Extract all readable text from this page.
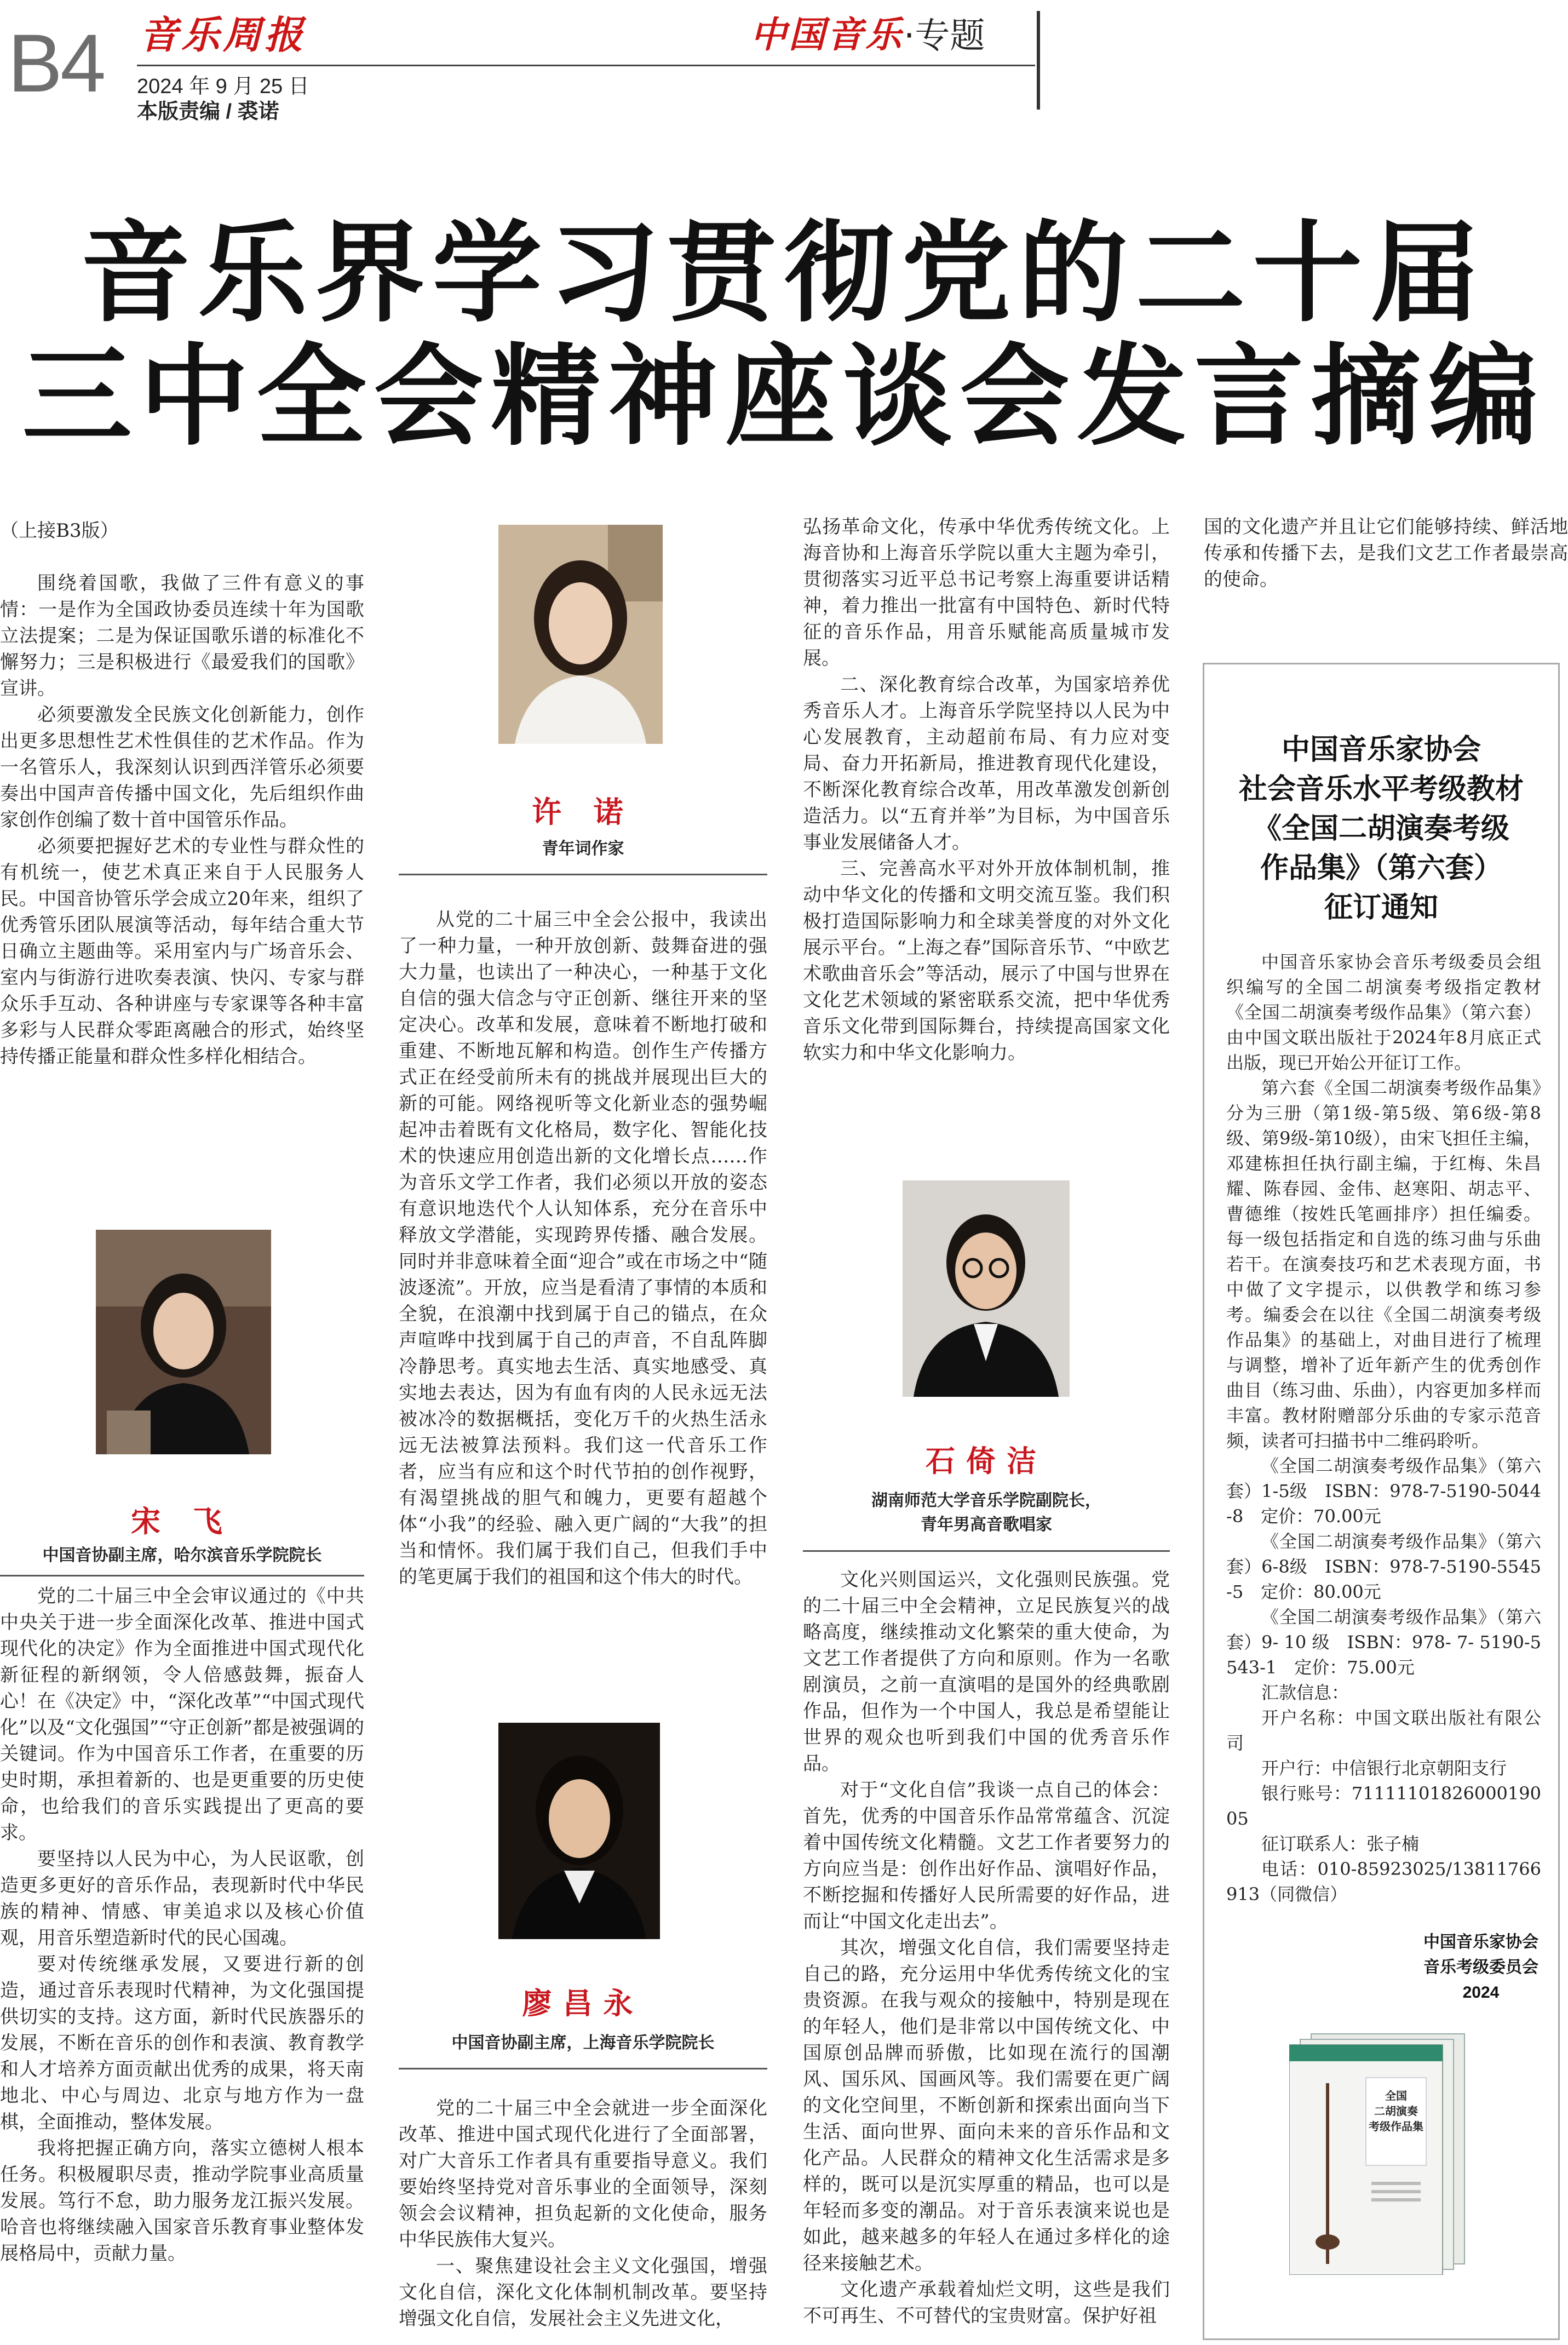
B4 音乐周报
2024 年 9 月 25 日
本版责编 / 裘诺
中国音乐 ·专题
音乐界学习贯彻党的二十届
三中全会精神座谈会发言摘编

（上接B3版）

围绕着国歌，我做了三件有意义的事情：一是作为全国政协委员连续十年为国歌立法提案；二是为保证国歌乐谱的标准化不懈努力；三是积极进行《最爱我们的国歌》宣讲。

必须要激发全民族文化创新能力，创作出更多思想性艺术性俱佳的艺术作品。作为一名管乐人，我深刻认识到西洋管乐必须要奏出中国声音传播中国文化，先后组织作曲家创作创编了数十首中国管乐作品。

必须要把握好艺术的专业性与群众性的有机统一，使艺术真正来自于人民服务人民。中国音协管乐学会成立20年来，组织了优秀管乐团队展演等活动，每年结合重大节日确立主题曲等。采用室内与广场音乐会、室内与街游行进吹奏表演、快闪、专家与群众乐手互动、各种讲座与专家课等各种丰富多彩与人民群众零距离融合的形式，始终坚持传播正能量和群众性多样化相结合。

宋 飞
中国音协副主席，哈尔滨音乐学院院长

党的二十届三中全会审议通过的《中共中央关于进一步全面深化改革、推进中国式现代化的决定》作为全面推进中国式现代化新征程的新纲领，令人倍感鼓舞，振奋人心！在《决定》中，“深化改革”“中国式现代化”以及“文化强国”“守正创新”都是被强调的关键词。作为中国音乐工作者，在重要的历史时期，承担着新的、也是更重要的历史使命，也给我们的音乐实践提出了更高的要求。

要坚持以人民为中心，为人民讴歌，创造更多更好的音乐作品，表现新时代中华民族的精神、情感、审美追求以及核心价值观，用音乐塑造新时代的民心国魂。

要对传统继承发展，又要进行新的创造，通过音乐表现时代精神，为文化强国提供切实的支持。这方面，新时代民族器乐的发展，不断在音乐的创作和表演、教育教学和人才培养方面贡献出优秀的成果，将天南地北、中心与周边、北京与地方作为一盘棋，全面推动，整体发展。

我将把握正确方向，落实立德树人根本任务。积极履职尽责，推动学院事业高质量发展。笃行不怠，助力服务龙江振兴发展。哈音也将继续融入国家音乐教育事业整体发展格局中，贡献力量。

许 诺
青年词作家

从党的二十届三中全会公报中，我读出了一种力量，一种开放创新、鼓舞奋进的强大力量，也读出了一种决心，一种基于文化自信的强大信念与守正创新、继往开来的坚定决心。改革和发展，意味着不断地打破和重建、不断地瓦解和构造。创作生产传播方式正在经受前所未有的挑战并展现出巨大的新的可能。网络视听等文化新业态的强势崛起冲击着既有文化格局，数字化、智能化技术的快速应用创造出新的文化增长点……作为音乐文学工作者，我们必须以开放的姿态有意识地迭代个人认知体系，充分在音乐中释放文学潜能，实现跨界传播、融合发展。同时并非意味着全面“迎合”或在市场之中“随波逐流”。开放，应当是看清了事情的本质和全貌，在浪潮中找到属于自己的锚点，在众声喧哗中找到属于自己的声音，不自乱阵脚冷静思考。真实地去生活、真实地感受、真实地去表达，因为有血有肉的人民永远无法被冰冷的数据概括，变化万千的火热生活永远无法被算法预料。我们这一代音乐工作者，应当有应和这个时代节拍的创作视野，有渴望挑战的胆气和魄力，更要有超越个体“小我”的经验、融入更广阔的“大我”的担当和情怀。我们属于我们自己，但我们手中的笔更属于我们的祖国和这个伟大的时代。

廖昌永
中国音协副主席，上海音乐学院院长

党的二十届三中全会就进一步全面深化改革、推进中国式现代化进行了全面部署，对广大音乐工作者具有重要指导意义。我们要始终坚持党对音乐事业的全面领导，深刻领会会议精神，担负起新的文化使命，服务中华民族伟大复兴。

一、聚焦建设社会主义文化强国，增强文化自信，深化文化体制机制改革。要坚持增强文化自信，发展社会主义先进文化，

弘扬革命文化，传承中华优秀传统文化。上海音协和上海音乐学院以重大主题为牵引，贯彻落实习近平总书记考察上海重要讲话精神，着力推出一批富有中国特色、新时代特征的音乐作品，用音乐赋能高质量城市发展。

二、深化教育综合改革，为国家培养优秀音乐人才。上海音乐学院坚持以人民为中心发展教育，主动超前布局、有力应对变局、奋力开拓新局，推进教育现代化建设，不断深化教育综合改革，用改革激发创新创造活力。以“五育并举”为目标，为中国音乐事业发展储备人才。

三、完善高水平对外开放体制机制，推动中华文化的传播和文明交流互鉴。我们积极打造国际影响力和全球美誉度的对外文化展示平台。“上海之春”国际音乐节、“中欧艺术歌曲音乐会”等活动，展示了中国与世界在文化艺术领域的紧密联系交流，把中华优秀音乐文化带到国际舞台，持续提高国家文化软实力和中华文化影响力。

石倚洁
湖南师范大学音乐学院副院长，
青年男高音歌唱家

文化兴则国运兴，文化强则民族强。党的二十届三中全会精神，立足民族复兴的战略高度，继续推动文化繁荣的重大使命，为文艺工作者提供了方向和原则。作为一名歌剧演员，之前一直演唱的是国外的经典歌剧作品，但作为一个中国人，我总是希望能让世界的观众也听到我们中国的优秀音乐作品。

对于“文化自信”我谈一点自己的体会：首先，优秀的中国音乐作品常常蕴含、沉淀着中国传统文化精髓。文艺工作者要努力的方向应当是：创作出好作品、演唱好作品，不断挖掘和传播好人民所需要的好作品，进而让“中国文化走出去”。

其次，增强文化自信，我们需要坚持走自己的路，充分运用中华优秀传统文化的宝贵资源。在我与观众的接触中，特别是现在的年轻人，他们是非常以中国传统文化、中国原创品牌而骄傲，比如现在流行的国潮风、国乐风、国画风等。我们需要在更广阔的文化空间里，不断创新和探索出面向当下生活、面向世界、面向未来的音乐作品和文化产品。人民群众的精神文化生活需求是多样的，既可以是沉实厚重的精品，也可以是年轻而多变的潮品。对于音乐表演来说也是如此，越来越多的年轻人在通过多样化的途径来接触艺术。

文化遗产承载着灿烂文明，这些是我们不可再生、不可替代的宝贵财富。保护好祖

国的文化遗产并且让它们能够持续、鲜活地传承和传播下去，是我们文艺工作者最崇高的使命。

中国音乐家协会
社会音乐水平考级教材
《全国二胡演奏考级
作品集》（第六套）
征订通知

中国音乐家协会音乐考级委员会组织编写的全国二胡演奏考级指定教材《全国二胡演奏考级作品集》（第六套）由中国文联出版社于2024年8月底正式出版，现已开始公开征订工作。

第六套《全国二胡演奏考级作品集》分为三册（第1级-第5级、第6级-第8级、第9级-第10级），由宋飞担任主编，邓建栋担任执行副主编，于红梅、朱昌耀、陈春园、金伟、赵寒阳、胡志平、曹德维（按姓氏笔画排序）担任编委。每一级包括指定和自选的练习曲与乐曲若干。在演奏技巧和艺术表现方面，书中做了文字提示，以供教学和练习参考。编委会在以往《全国二胡演奏考级作品集》的基础上，对曲目进行了梳理与调整，增补了近年新产生的优秀创作曲目（练习曲、乐曲），内容更加多样而丰富。教材附赠部分乐曲的专家示范音频，读者可扫描书中二维码聆听。

《全国二胡演奏考级作品集》（第六套）1-5级　ISBN：978-7-5190-5044-8　定价：70.00元

《全国二胡演奏考级作品集》（第六套）6-8级　ISBN：978-7-5190-5545-5　定价：80.00元

《全国二胡演奏考级作品集》（第六套）9- 10 级　ISBN：978- 7- 5190-5543-1　定价：75.00元

汇款信息：

开户名称：中国文联出版社有限公司

开户行：中信银行北京朝阳支行

银行账号：7111110182600019005

征订联系人：张子楠

电话：010-85923025/13811766913（同微信）

中国音乐家协会
音乐考级委员会
2024
全国
二胡演奏
考级作品集
